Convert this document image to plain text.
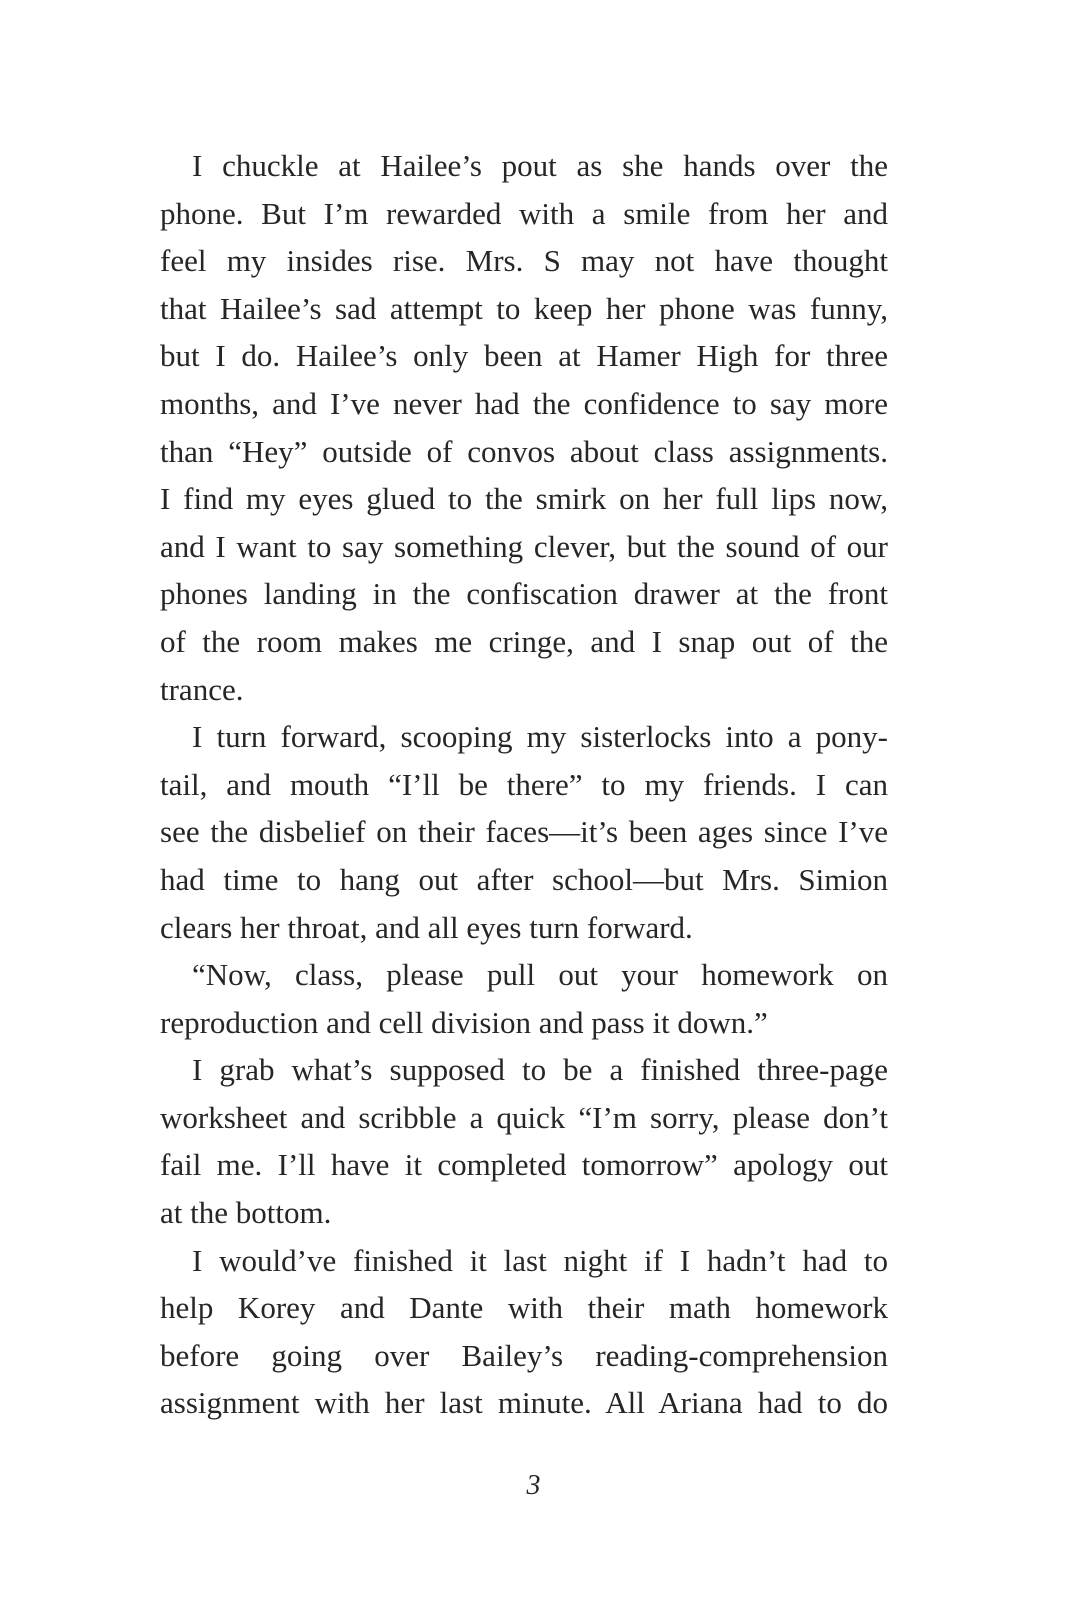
I chuckle at Hailee’s pout as she hands over the
phone. But I’m rewarded with a smile from her and
feel my insides rise. Mrs. S may not have thought
that Hailee’s sad attempt to keep her phone was funny,
but I do. Hailee’s only been at Hamer High for three
months, and I’ve never had the confidence to say more
than “Hey” outside of convos about class assignments.
I find my eyes glued to the smirk on her full lips now,
and I want to say something clever, but the sound of our
phones landing in the confiscation drawer at the front
of the room makes me cringe, and I snap out of the
trance.
I turn forward, scooping my sisterlocks into a pony-
tail, and mouth “I’ll be there” to my friends. I can
see the disbelief on their faces—it’s been ages since I’ve
had time to hang out after school—but Mrs. Simion
clears her throat, and all eyes turn forward.
“Now, class, please pull out your homework on
reproduction and cell division and pass it down.”
I grab what’s supposed to be a finished three-page
worksheet and scribble a quick “I’m sorry, please don’t
fail me. I’ll have it completed tomorrow” apology out
at the bottom.
I would’ve finished it last night if I hadn’t had to
help Korey and Dante with their math homework
before going over Bailey’s reading-comprehension
assignment with her last minute. All Ariana had to do
3
